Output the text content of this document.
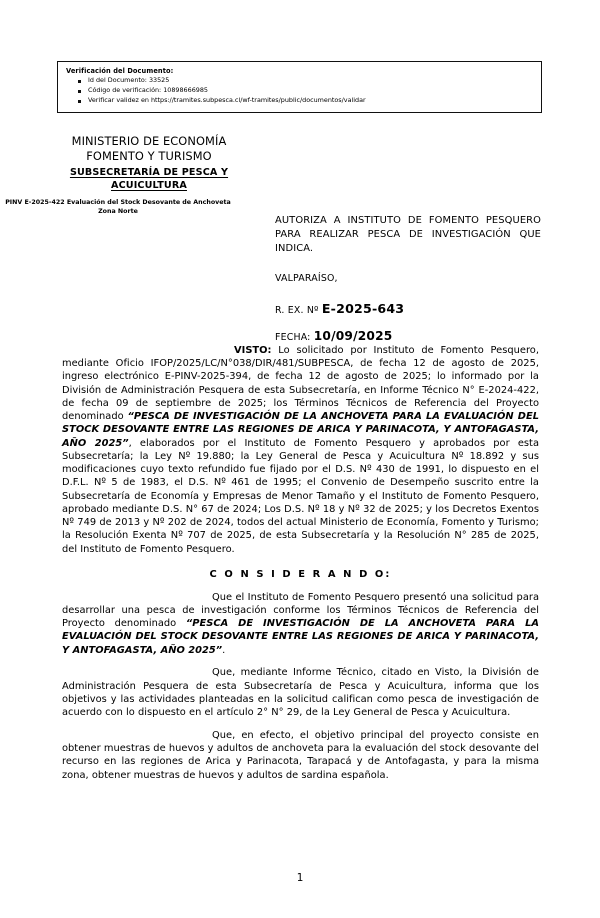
Verificación del Documento:
Id del Documento: 33525
Código de verificación: 10898666985
Verificar validez en https://tramites.subpesca.cl/wf-tramites/public/documentos/validar
MINISTERIO DE ECONOMÍA
FOMENTO Y TURISMO
SUBSECRETARÍA DE PESCA Y
ACUICULTURA
PINV E-2025-422 Evaluación del Stock Desovante de Anchoveta Zona Norte
AUTORIZA A INSTITUTO DE FOMENTO PESQUERO PARA REALIZAR PESCA DE INVESTIGACIÓN QUE INDICA.
VALPARAÍSO,
R. EX. Nº E-2025-643
FECHA: 10/09/2025

VISTO: Lo solicitado por Instituto de Fomento Pesquero, mediante Oficio IFOP/2025/LC/N°038/DIR/481/SUBPESCA, de fecha 12 de agosto de 2025, ingreso electrónico E-PINV-2025-394, de fecha 12 de agosto de 2025; lo informado por la División de Administración Pesquera de esta Subsecretaría, en Informe Técnico N° E-2024-422, de fecha 09 de septiembre de 2025; los Términos Técnicos de Referencia del Proyecto denominado “PESCA DE INVESTIGACIÓN DE LA ANCHOVETA PARA LA EVALUACIÓN DEL STOCK DESOVANTE ENTRE LAS REGIONES DE ARICA Y PARINACOTA, Y ANTOFAGASTA, AÑO 2025”, elaborados por el Instituto de Fomento Pesquero y aprobados por esta Subsecretaría; la Ley Nº 19.880; la Ley General de Pesca y Acuicultura Nº 18.892 y sus modificaciones cuyo texto refundido fue fijado por el D.S. Nº 430 de 1991, lo dispuesto en el D.F.L. Nº 5 de 1983, el D.S. Nº 461 de 1995; el Convenio de Desempeño suscrito entre la Subsecretaría de Economía y Empresas de Menor Tamaño y el Instituto de Fomento Pesquero, aprobado mediante D.S. N° 67 de 2024; Los D.S. Nº 18 y Nº 32 de 2025; y los Decretos Exentos Nº 749 de 2013 y Nº 202 de 2024, todos del actual Ministerio de Economía, Fomento y Turismo; la Resolución Exenta Nº 707 de 2025, de esta Subsecretaría y la Resolución N° 285 de 2025, del Instituto de Fomento Pesquero.

C O N S I D E R A N D O:

Que el Instituto de Fomento Pesquero presentó una solicitud para desarrollar una pesca de investigación conforme los Términos Técnicos de Referencia del Proyecto denominado “PESCA DE INVESTIGACIÓN DE LA ANCHOVETA PARA LA EVALUACIÓN DEL STOCK DESOVANTE ENTRE LAS REGIONES DE ARICA Y PARINACOTA, Y ANTOFAGASTA, AÑO 2025”.

Que, mediante Informe Técnico, citado en Visto, la División de Administración Pesquera de esta Subsecretaría de Pesca y Acuicultura, informa que los objetivos y las actividades planteadas en la solicitud califican como pesca de investigación de acuerdo con lo dispuesto en el artículo 2° N° 29, de la Ley General de Pesca y Acuicultura.

Que, en efecto, el objetivo principal del proyecto consiste en obtener muestras de huevos y adultos de anchoveta para la evaluación del stock desovante del recurso en las regiones de Arica y Parinacota, Tarapacá y de Antofagasta, y para la misma zona, obtener muestras de huevos y adultos de sardina española.

1
